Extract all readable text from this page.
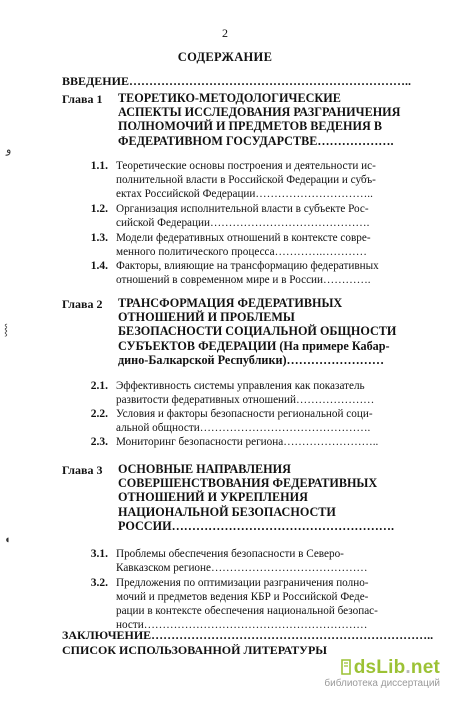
2
СОДЕРЖАНИЕ
ВВЕДЕНИЕ……………………………………………………………..
Глава 1 ТЕОРЕТИКО-МЕТОДОЛОГИЧЕСКИЕ
АСПЕКТЫ ИССЛЕДОВАНИЯ РАЗГРАНИЧЕНИЯ
ПОЛНОМОЧИЙ И ПРЕДМЕТОВ ВЕДЕНИЯ В
ФЕДЕРАТИВНОМ ГОСУДАРСТВЕ……………….
1.1. Теоретические основы построения и деятельности ис-
полнительной власти в Российской Федерации и субъ-
ектах Российской Федерации…………………………..
1.2. Организация исполнительной власти в субъекте Рос-
сийской Федерации…………………………………….
1.3. Модели федеративных отношений в контексте совре-
менного политического процесса………….…………
1.4. Факторы, влияющие на трансформацию федеративных
отношений в современном мире и в России………….
Глава 2 ТРАНСФОРМАЦИЯ ФЕДЕРАТИВНЫХ
ОТНОШЕНИЙ И ПРОБЛЕМЫ
БЕЗОПАСНОСТИ СОЦИАЛЬНОЙ ОБЩНОСТИ
СУБЪЕКТОВ ФЕДЕРАЦИИ (На примере Кабар-
дино-Балкарской Республики)……………………
2.1. Эффективность системы управления как показатель
развитости федеративных отношений…………………
2.2. Условия и факторы безопасности региональной соци-
альной общности……………………………………….
2.3. Мониторинг безопасности региона……………………..
Глава 3 ОСНОВНЫЕ НАПРАВЛЕНИЯ
СОВЕРШЕНСТВОВАНИЯ ФЕДЕРАТИВНЫХ
ОТНОШЕНИЙ И УКРЕПЛЕНИЯ
НАЦИОНАЛЬНОЙ БЕЗОПАСНОСТИ
РОССИИ……………………………………………….
3.1. Проблемы обеспечения безопасности в Северо-
Кавказском регионе……………………………………
3.2. Предложения по оптимизации разграничения полно-
мочий и предметов ведения КБР и Российской Феде-
рации в контексте обеспечения национальной безопас-
ности……………………………………………………
ЗАКЛЮЧЕНИЕ……………………………………………………………..
СПИСОК ИСПОЛЬЗОВАННОЙ ЛИТЕРАТУРЫ
ﻭ
⸾
◖
dsLib.net
библиотека диссертаций
